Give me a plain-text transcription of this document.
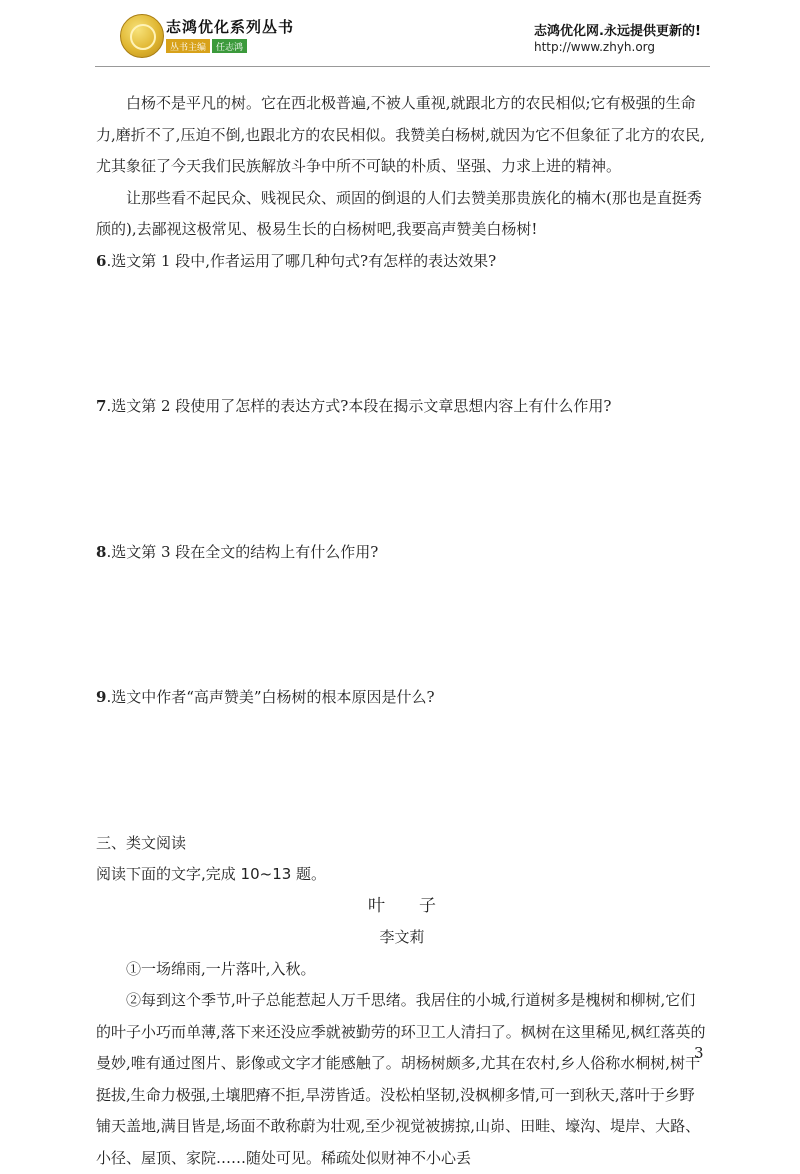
志鸿优化系列丛书
丛书主编	任志鸿
志鸿优化网.永远提供更新的!
http://www.zhyh.org

白杨不是平凡的树。它在西北极普遍,不被人重视,就跟北方的农民相似;它有极强的生命力,磨折不了,压迫不倒,也跟北方的农民相似。我赞美白杨树,就因为它不但象征了北方的农民,尤其象征了今天我们民族解放斗争中所不可缺的朴质、坚强、力求上进的精神。

让那些看不起民众、贱视民众、顽固的倒退的人们去赞美那贵族化的楠木(那也是直挺秀颀的),去鄙视这极常见、极易生长的白杨树吧,我要高声赞美白杨树!

6.选文第 1 段中,作者运用了哪几种句式?有怎样的表达效果?

7.选文第 2 段使用了怎样的表达方式?本段在揭示文章思想内容上有什么作用?

8.选文第 3 段在全文的结构上有什么作用?

9.选文中作者“高声赞美”白杨树的根本原因是什么?

三、类文阅读

阅读下面的文字,完成 10~13 题。

叶　　子

李文莉

①一场绵雨,一片落叶,入秋。

②每到这个季节,叶子总能惹起人万千思绪。我居住的小城,行道树多是槐树和柳树,它们的叶子小巧而单薄,落下来还没应季就被勤劳的环卫工人清扫了。枫树在这里稀见,枫红落英的曼妙,唯有通过图片、影像或文字才能感触了。胡杨树颇多,尤其在农村,乡人俗称水桐树,树干挺拔,生命力极强,土壤肥瘠不拒,旱涝皆适。没松柏坚韧,没枫柳多情,可一到秋天,落叶于乡野铺天盖地,满目皆是,场面不敢称蔚为壮观,至少视觉被掳掠,山峁、田畦、壕沟、堤岸、大路、小径、屋顶、家院……随处可见。稀疏处似财神不小心丢

3
